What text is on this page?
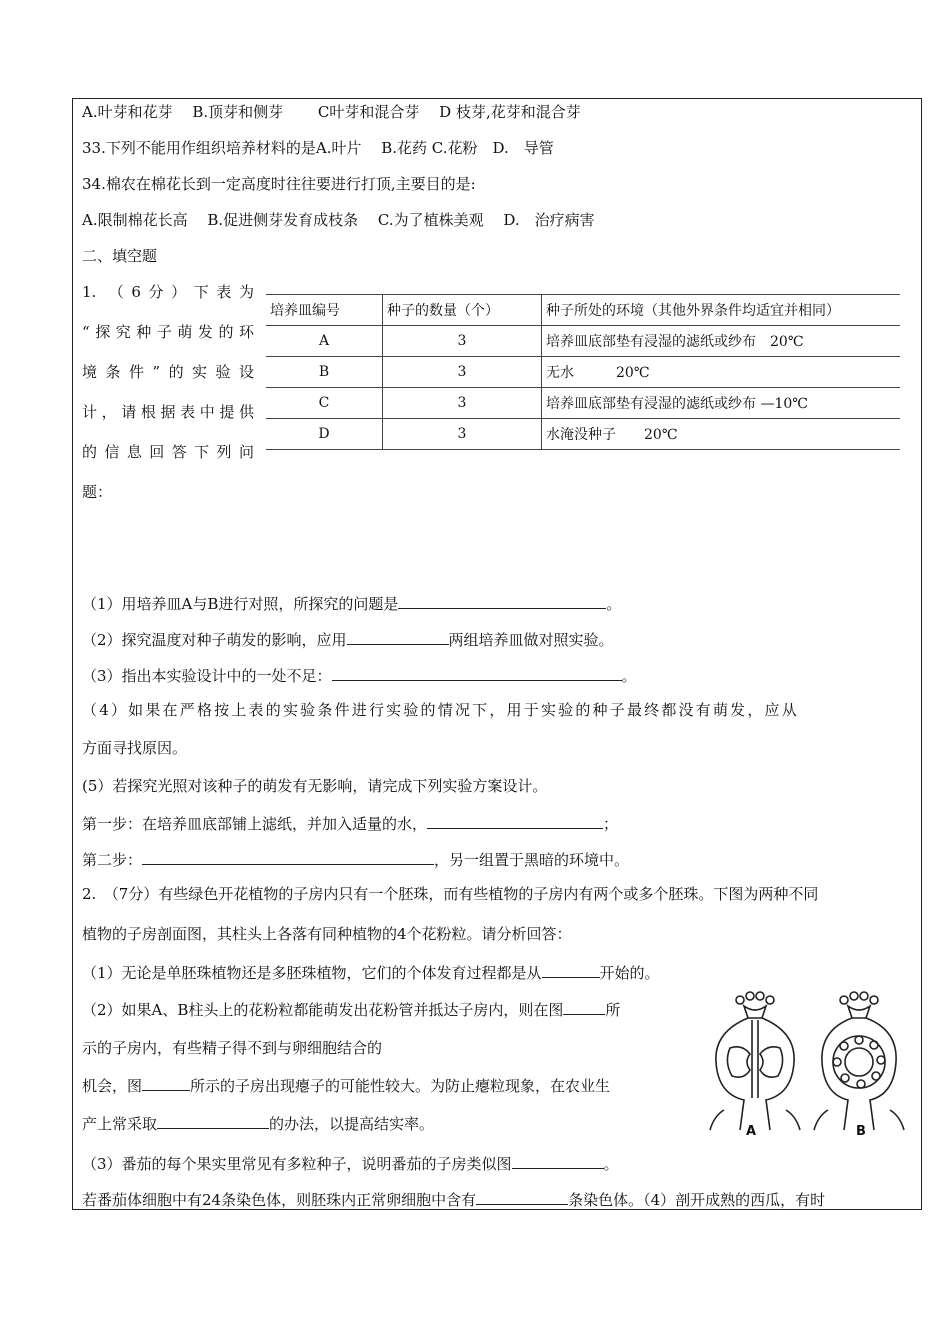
A.叶芽和花芽　 B.顶芽和侧芽　　 C叶芽和混合芽　 D 枝芽,花芽和混合芽
33.下列不能用作组织培养材料的是A.叶片　 B.花药 C.花粉　D.　导管
34.棉农在棉花长到一定高度时往往要进行打顶,主要目的是:
A.限制棉花长高　 B.促进侧芽发育成枝条　 C.为了植株美观　 D.　治疗病害
二、填空题
1. （6分）下表为
“探究种子萌发的环
境条件”的实验设
计，请根据表中提供
的信息回答下列问
题：
培养皿编号	种子的数量（个）	种子所处的环境（其他外界条件均适宜并相同）
A	3	培养皿底部垫有浸湿的滤纸或纱布　20℃
B	3	无水　　　20℃
C	3	培养皿底部垫有浸湿的滤纸或纱布 —10℃
D	3	水淹没种子　　20℃
（1）用培养皿A与B进行对照，所探究的问题是	。
（2）探究温度对种子萌发的影响，应用	两组培养皿做对照实验。
（3）指出本实验设计中的一处不足：	。
（4）如果在严格按上表的实验条件进行实验的情况下，用于实验的种子最终都没有萌发，应从
方面寻找原因。
(5）若探究光照对该种子的萌发有无影响，请完成下列实验方案设计。
第一步：在培养皿底部铺上滤纸，并加入适量的水，	；
第二步：	，另一组置于黑暗的环境中。
2.　（7分）有些绿色开花植物的子房内只有一个胚珠，而有些植物的子房内有两个或多个胚珠。下图为两种不同
植物的子房剖面图，其柱头上各落有同种植物的4个花粉粒。请分析回答：
（1）无论是单胚珠植物还是多胚珠植物，它们的个体发育过程都是从	开始的。
（2）如果A、B柱头上的花粉粒都能萌发出花粉管并抵达子房内，则在图	所
示的子房内，有些精子得不到与卵细胞结合的
机会，图	所示的子房出现瘪子的可能性较大。为防止瘪粒现象，在农业生
产上常采取	的办法，以提高结实率。
（3）番茄的每个果实里常见有多粒种子，说明番茄的子房类似图	。
若番茄体细胞中有24条染色体，则胚珠内正常卵细胞中含有	条染色体。（4）剖开成熟的西瓜，有时
A	B
